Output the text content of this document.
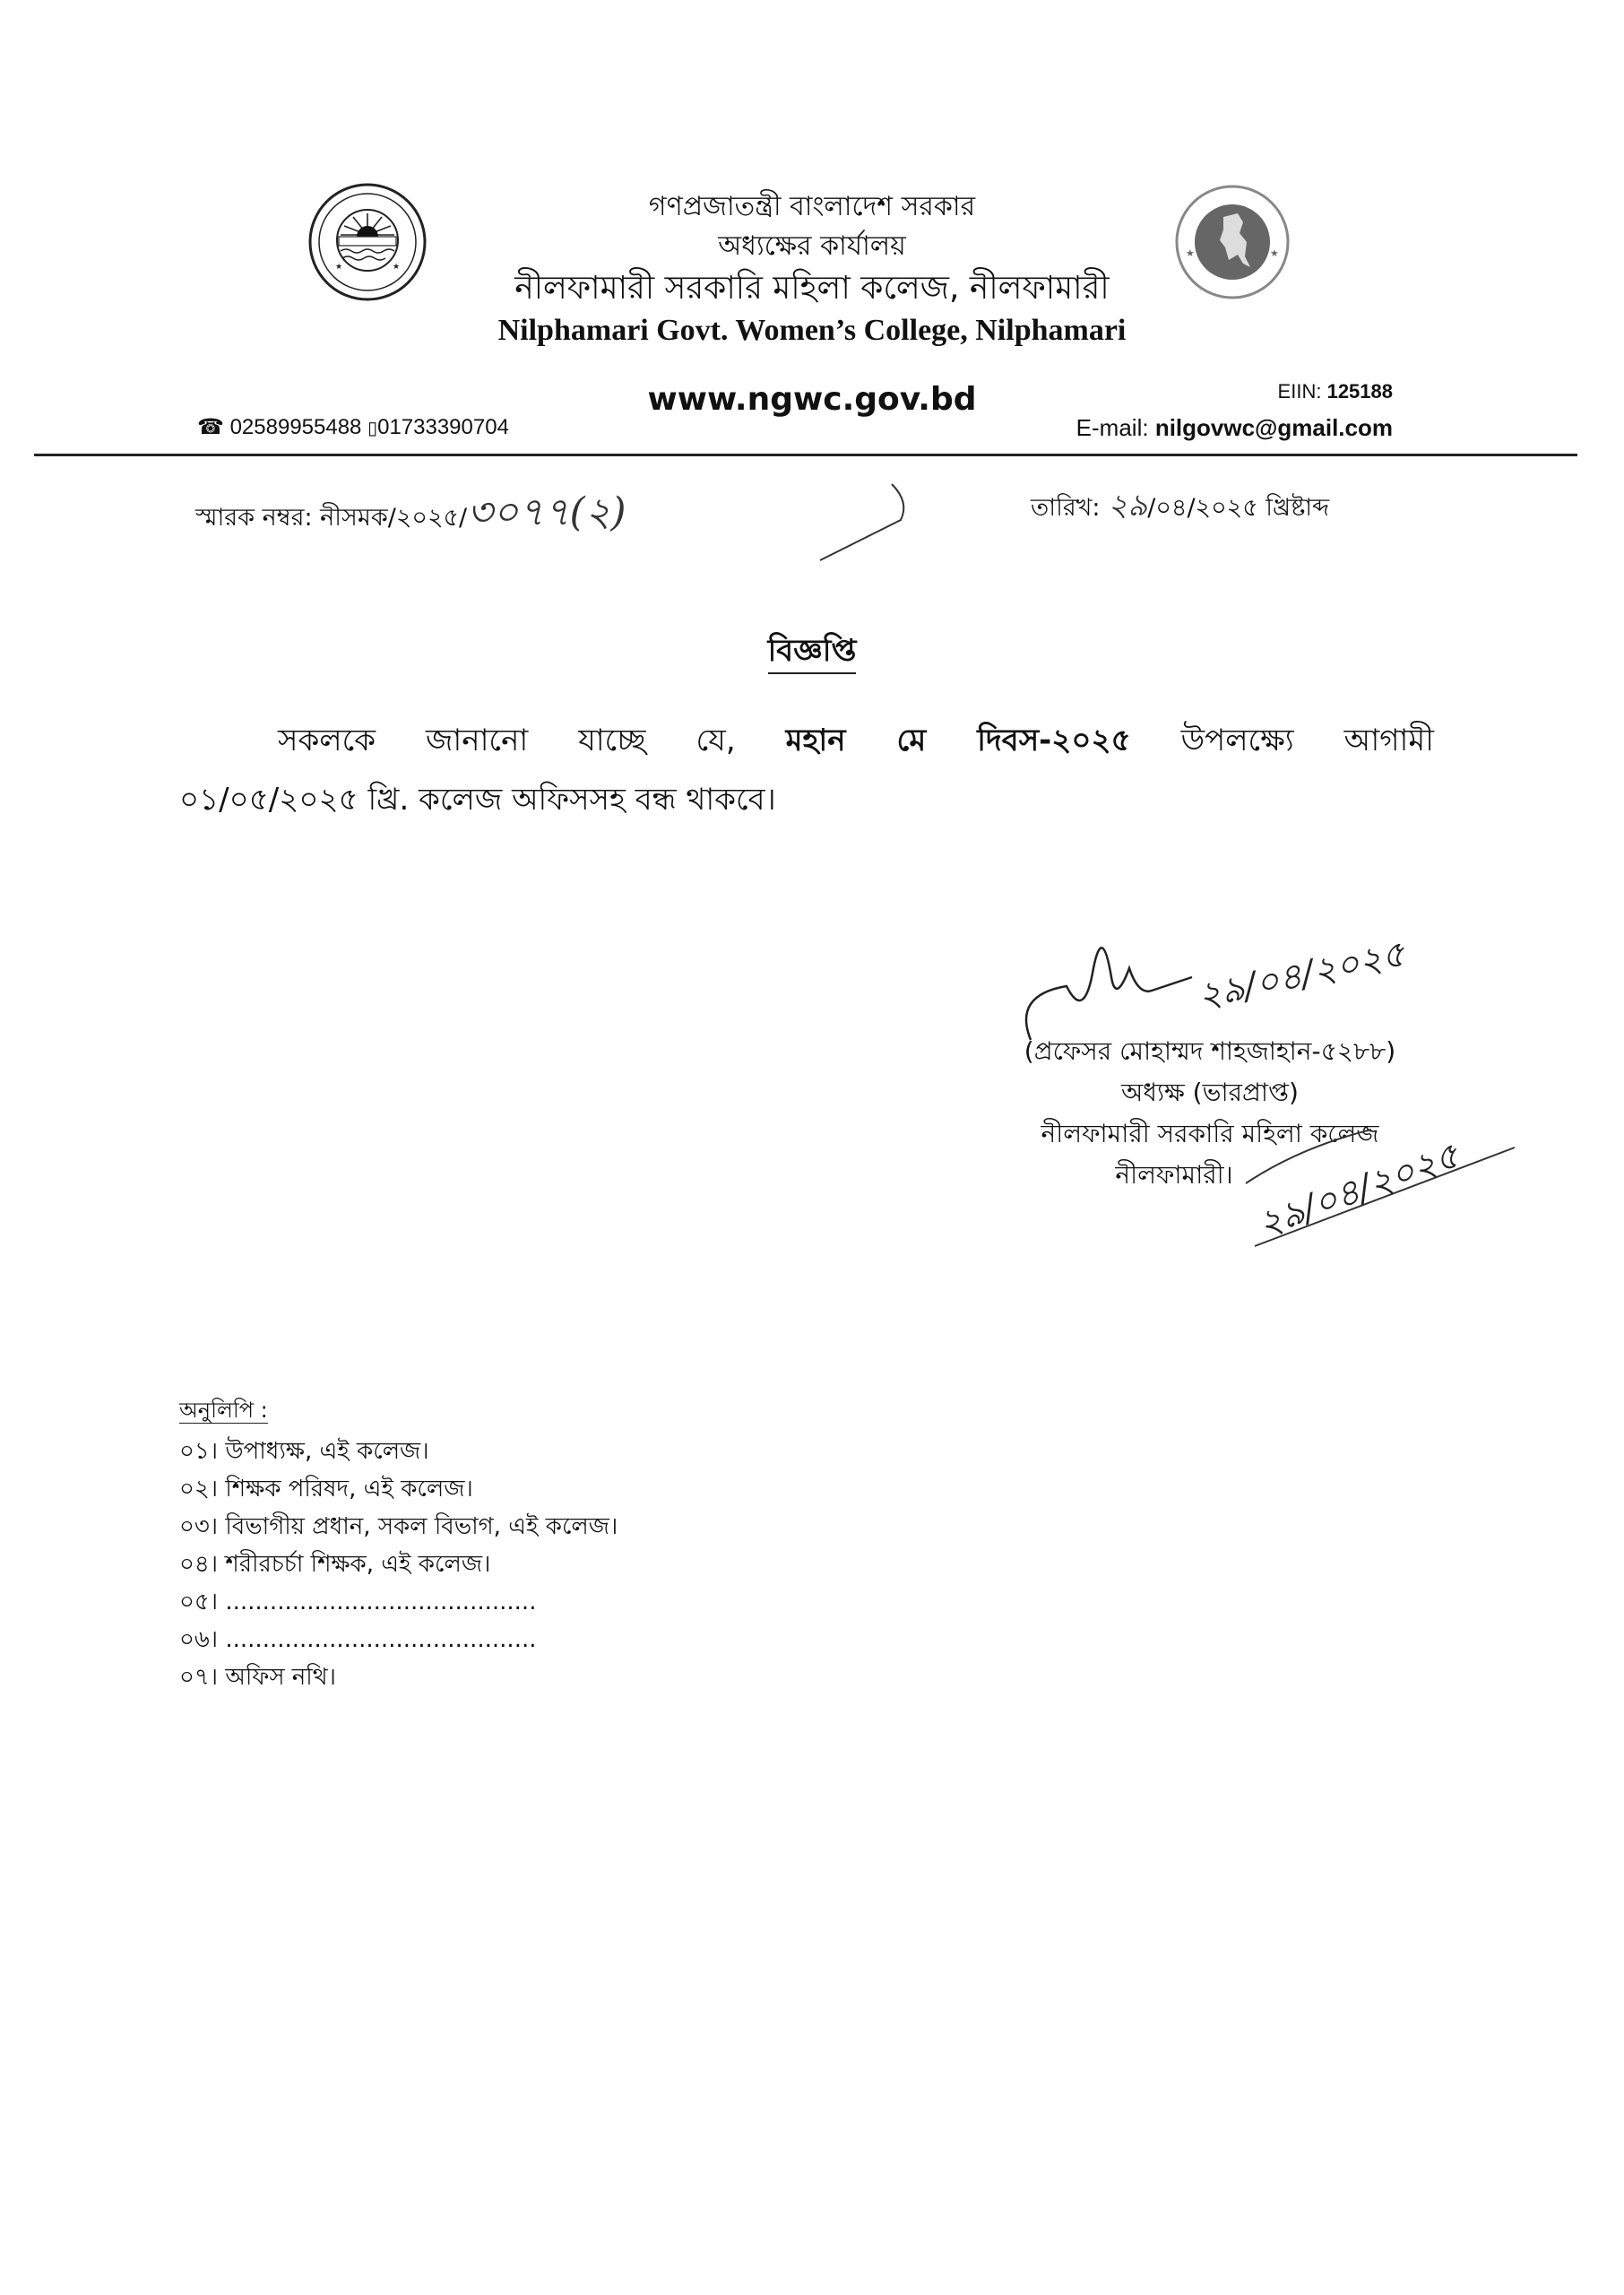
★	★
★	★
গণপ্রজাতন্ত্রী বাংলাদেশ সরকার
অধ্যক্ষের কার্যালয়
নীলফামারী সরকারি মহিলা কলেজ, নীলফামারী
Nilphamari Govt. Women’s College, Nilphamari
☎ 02589955488 ▯01733390704
www.ngwc.gov.bd	EIIN: 125188
E-mail: nilgovwc@gmail.com
স্মারক নম্বর: নীসমক/২০২৫/৩০৭৭(২)	তারিখ: ২৯/০৪/২০২৫ খ্রিষ্টাব্দ
বিজ্ঞপ্তি
সকলকে জানানো যাচ্ছে যে, মহান মে দিবস-২০২৫ উপলক্ষ্যে আগামী
০১/০৫/২০২৫ খ্রি. কলেজ অফিসসহ বন্ধ থাকবে।
২৯/০৪/২০২৫
(প্রফেসর মোহাম্মদ শাহজাহান-৫২৮৮)
অধ্যক্ষ (ভারপ্রাপ্ত)
নীলফামারী সরকারি মহিলা কলেজ
নীলফামারী। ২৯/০৪/২০২৫
অনুলিপি :
০১। উপাধ্যক্ষ, এই কলেজ।
০২। শিক্ষক পরিষদ, এই কলেজ।
০৩। বিভাগীয় প্রধান, সকল বিভাগ, এই কলেজ।
০৪। শরীরচর্চা শিক্ষক, এই কলেজ।
০৫। ..........................................
০৬। ..........................................
০৭। অফিস নথি।
